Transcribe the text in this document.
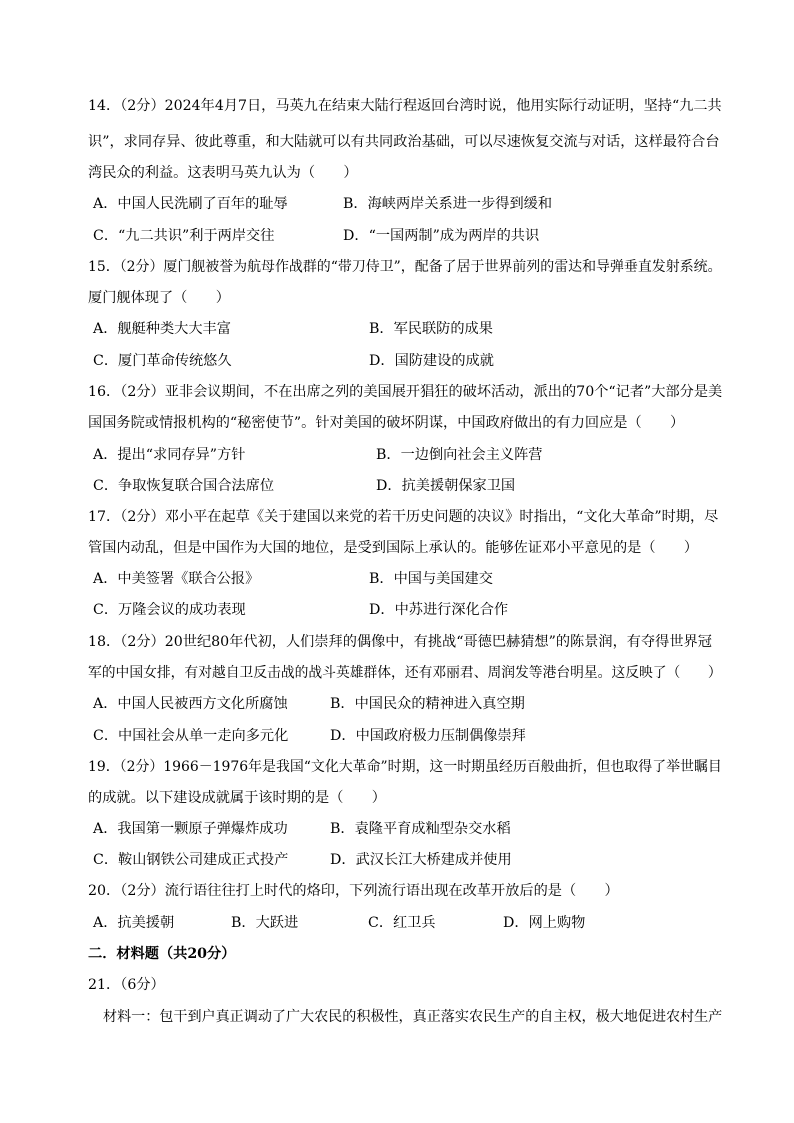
14．（2分）2024年4月7日，马英九在结束大陆行程返回台湾时说，他用实际行动证明，坚持“九二共
识”，求同存异、彼此尊重，和大陆就可以有共同政治基础，可以尽速恢复交流与对话，这样最符合台
湾民众的利益。这表明马英九认为（　　）
A．中国人民洗刷了百年的耻辱	B．海峡两岸关系进一步得到缓和
C．“九二共识”利于两岸交往	D．“一国两制”成为两岸的共识
15．（2分）厦门舰被誉为航母作战群的“带刀侍卫”，配备了居于世界前列的雷达和导弹垂直发射系统。
厦门舰体现了（　　）
A．舰艇种类大大丰富	B．军民联防的成果
C．厦门革命传统悠久	D．国防建设的成就
16．（2分）亚非会议期间，不在出席之列的美国展开猖狂的破坏活动，派出的70个“记者”大部分是美
国国务院或情报机构的“秘密使节”。针对美国的破坏阴谋，中国政府做出的有力回应是（　　）
A．提出“求同存异”方针	B．一边倒向社会主义阵营
C．争取恢复联合国合法席位	D．抗美援朝保家卫国
17．（2分）邓小平在起草《关于建国以来党的若干历史问题的决议》时指出，“文化大革命”时期，尽
管国内动乱，但是中国作为大国的地位，是受到国际上承认的。能够佐证邓小平意见的是（　　）
A．中美签署《联合公报》	B．中国与美国建交
C．万隆会议的成功表现	D．中苏进行深化合作
18．（2分）20世纪80年代初，人们崇拜的偶像中，有挑战“哥德巴赫猜想”的陈景润，有夺得世界冠
军的中国女排，有对越自卫反击战的战斗英雄群体，还有邓丽君、周润发等港台明星。这反映了（　　）
A．中国人民被西方文化所腐蚀	B．中国民众的精神进入真空期
C．中国社会从单一走向多元化	D．中国政府极力压制偶像崇拜
19．（2分）1966－1976年是我国“文化大革命”时期，这一时期虽经历百般曲折，但也取得了举世瞩目
的成就。以下建设成就属于该时期的是（　　）
A．我国第一颗原子弹爆炸成功	B．袁隆平育成籼型杂交水稻
C．鞍山钢铁公司建成正式投产	D．武汉长江大桥建成并使用
20．（2分）流行语往往打上时代的烙印，下列流行语出现在改革开放后的是（　　）
A．抗美援朝	B．大跃进	C．红卫兵	D．网上购物
二．材料题（共20分）
21．（6分）
材料一：包干到户真正调动了广大农民的积极性，真正落实农民生产的自主权，极大地促进农村生产
